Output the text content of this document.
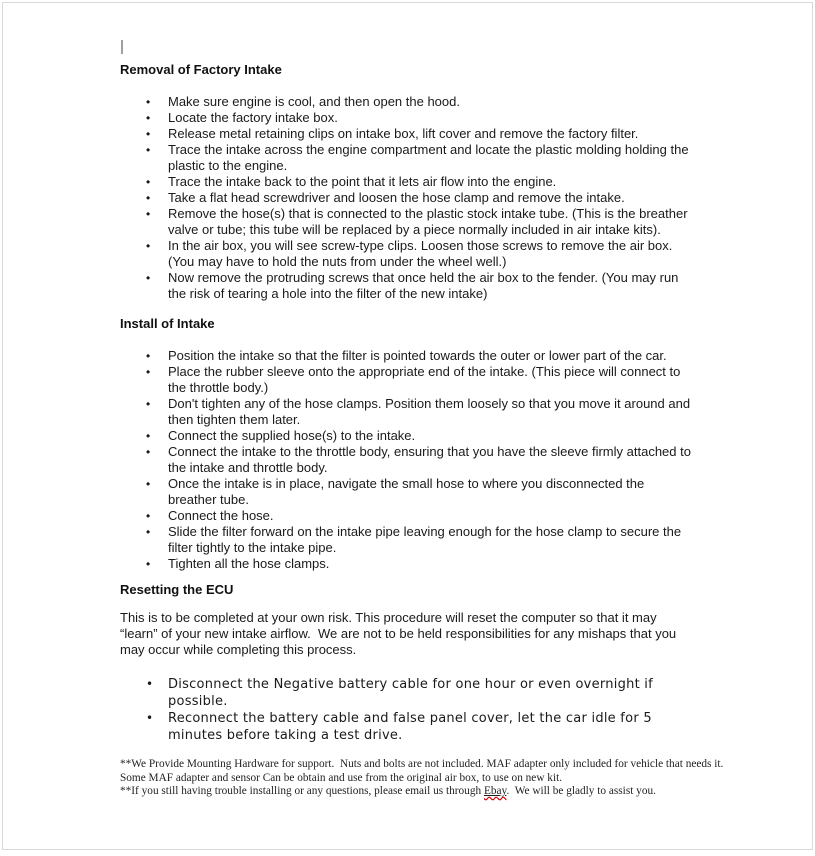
Removal of Factory Intake
•	Make sure engine is cool, and then open the hood.
•	Locate the factory intake box.
•	Release metal retaining clips on intake box, lift cover and remove the factory filter.
•	Trace the intake across the engine compartment and locate the plastic molding holding the plastic to the engine.
•	Trace the intake back to the point that it lets air flow into the engine.
•	Take a flat head screwdriver and loosen the hose clamp and remove the intake.
•	Remove the hose(s) that is connected to the plastic stock intake tube. (This is the breather valve or tube; this tube will be replaced by a piece normally included in air intake kits).
•	In the air box, you will see screw-type clips. Loosen those screws to remove the air box. (You may have to hold the nuts from under the wheel well.)
•	Now remove the protruding screws that once held the air box to the fender. (You may run the risk of tearing a hole into the filter of the new intake)
Install of Intake
•	Position the intake so that the filter is pointed towards the outer or lower part of the car.
•	Place the rubber sleeve onto the appropriate end of the intake. (This piece will connect to the throttle body.)
•	Don't tighten any of the hose clamps. Position them loosely so that you move it around and then tighten them later.
•	Connect the supplied hose(s) to the intake.
•	Connect the intake to the throttle body, ensuring that you have the sleeve firmly attached to the intake and throttle body.
•	Once the intake is in place, navigate the small hose to where you disconnected the breather tube.
•	Connect the hose.
•	Slide the filter forward on the intake pipe leaving enough for the hose clamp to secure the filter tightly to the intake pipe.
•	Tighten all the hose clamps.
Resetting the ECU
This is to be completed at your own risk. This procedure will reset the computer so that it may “learn” of your new intake airflow.  We are not to be held responsibilities for any mishaps that you may occur while completing this process.
•	Disconnect the Negative battery cable for one hour or even overnight if possible.
•	Reconnect the battery cable and false panel cover, let the car idle for 5 minutes before taking a test drive.
**We Provide Mounting Hardware for support.  Nuts and bolts are not included. MAF adapter only included for vehicle that needs it.
Some MAF adapter and sensor Can be obtain and use from the original air box, to use on new kit.
**If you still having trouble installing or any questions, please email us through Ebay.  We will be gladly to assist you.
